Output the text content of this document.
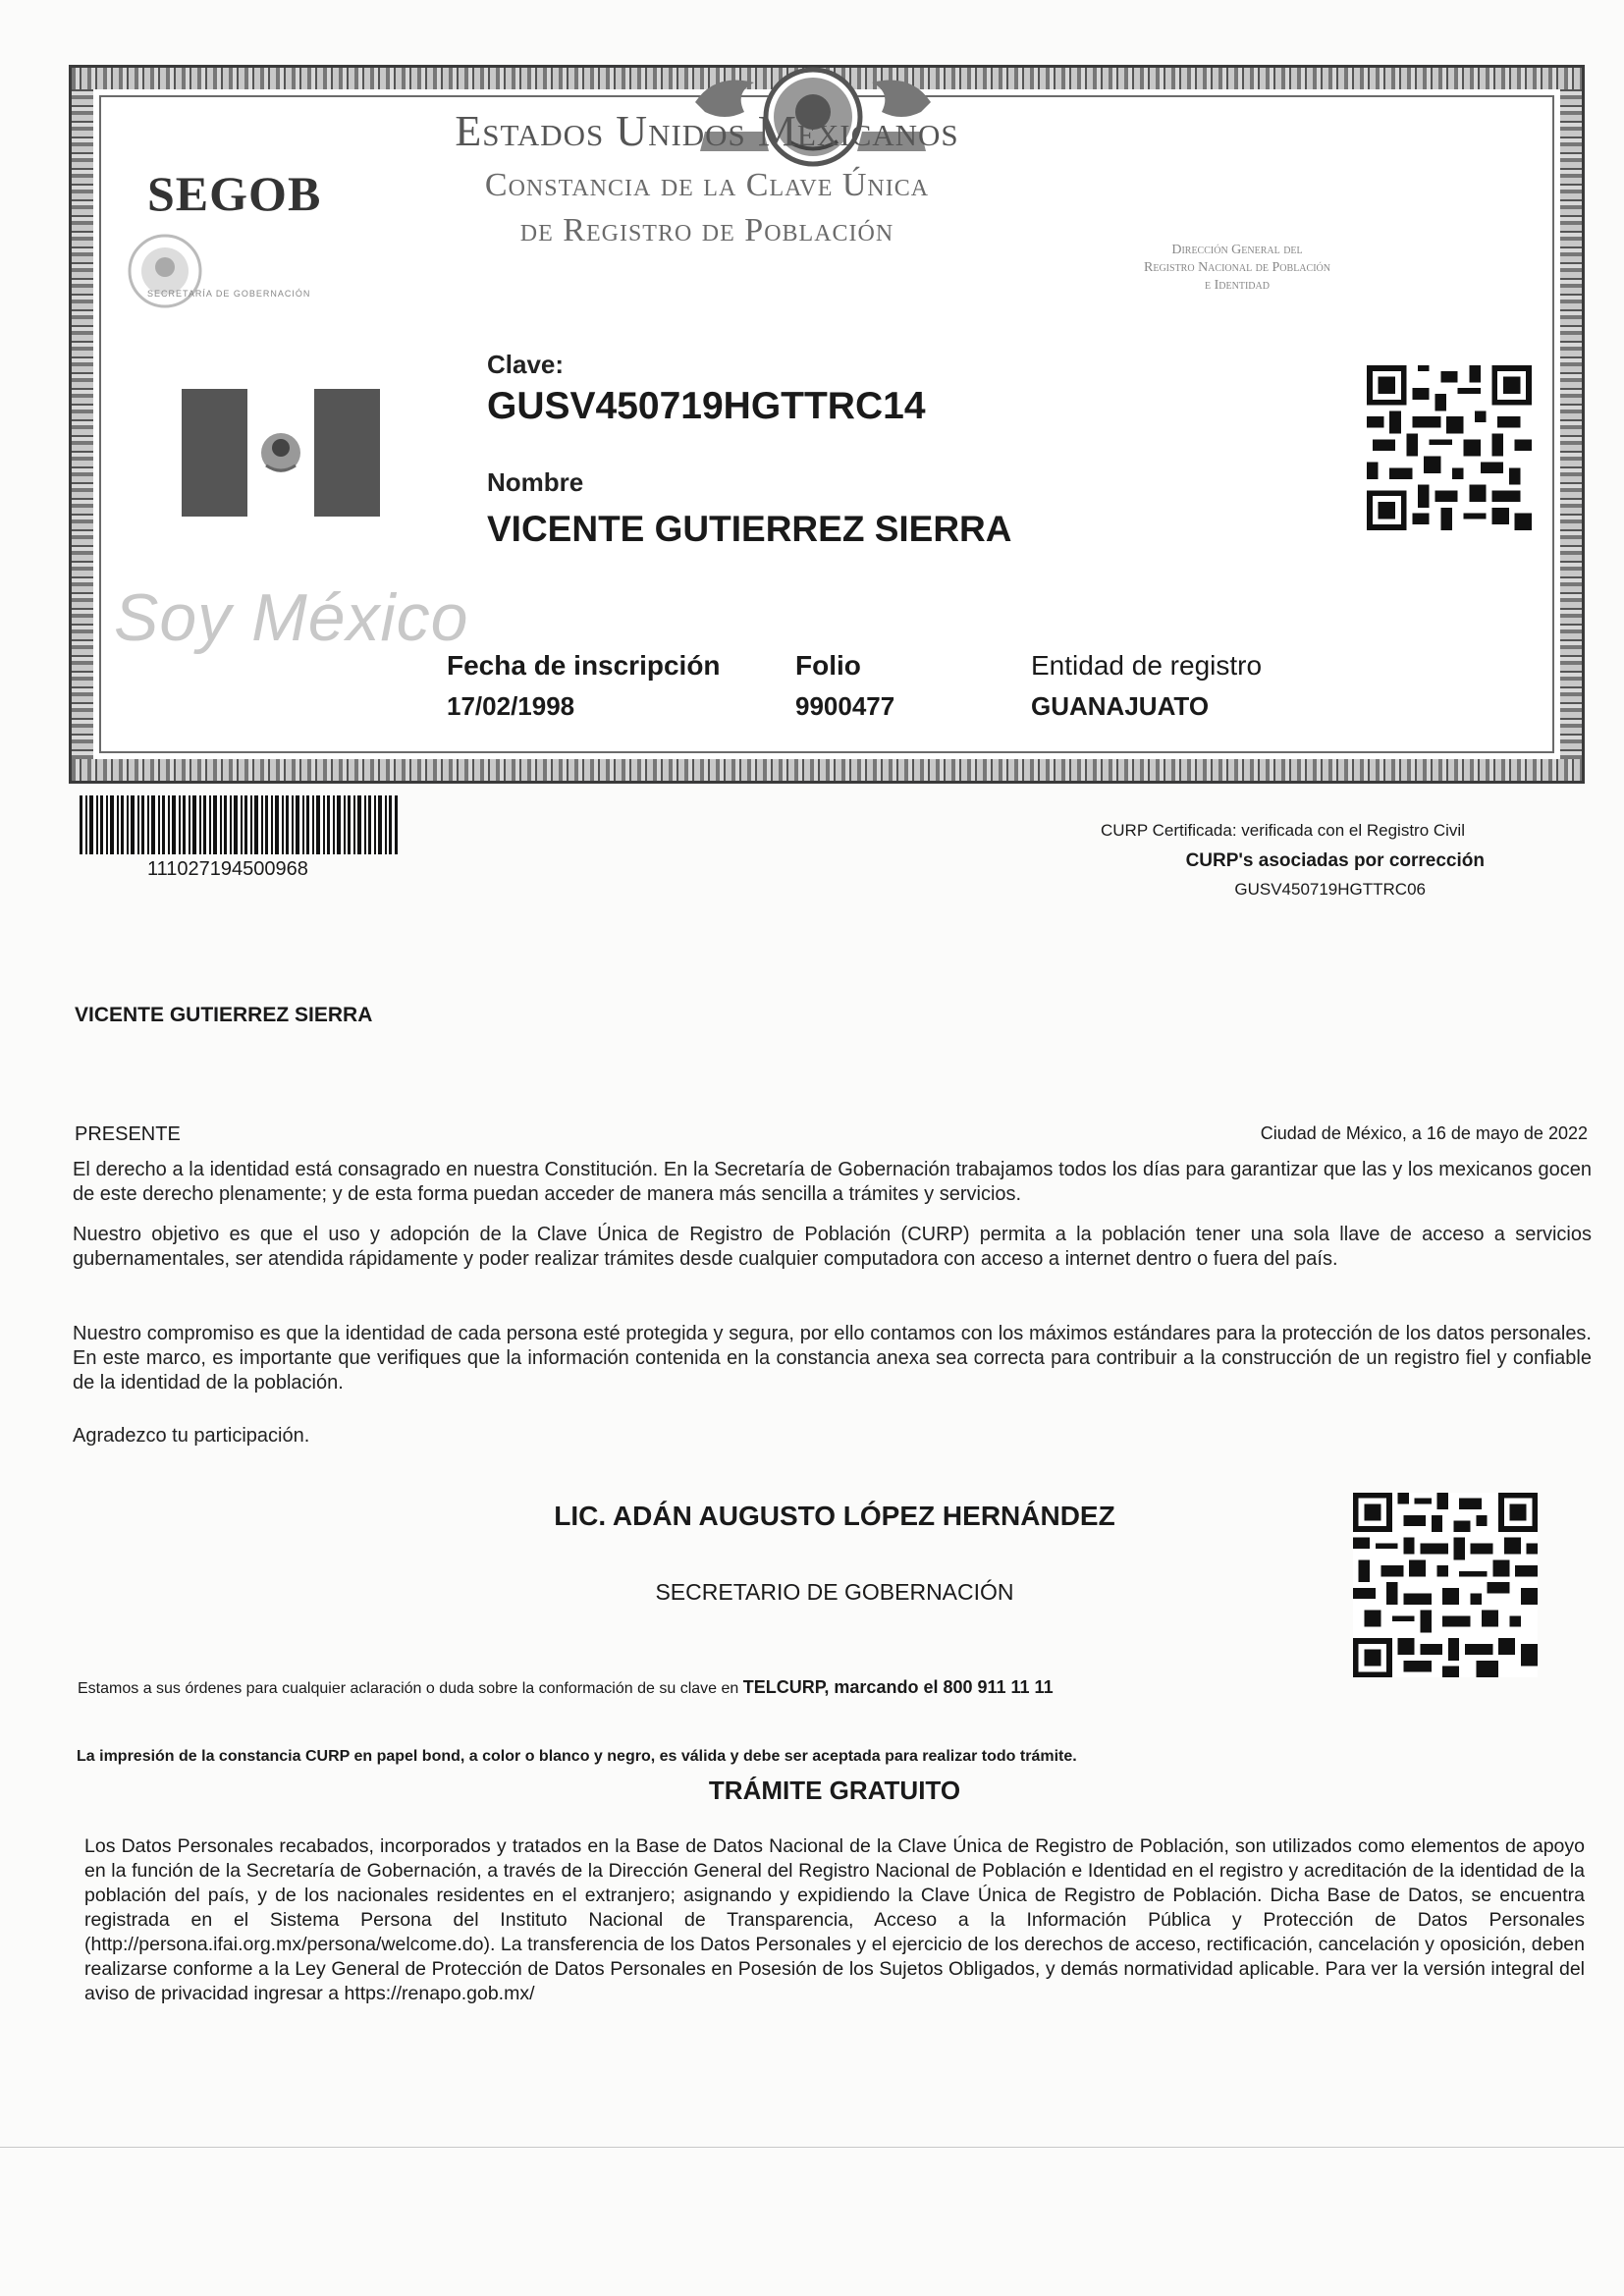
Estados Unidos Mexicanos
Constancia de la Clave Única
de Registro de Población
SEGOB
SECRETARÍA DE GOBERNACIÓN
Dirección General del
Registro Nacional de Población
e Identidad
Clave:
GUSV450719HGTTRC14
Nombre
VICENTE GUTIERREZ SIERRA
Soy México
Fecha de inscripción
17/02/1998
Folio
9900477
Entidad de registro
GUANAJUATO
111027194500968
CURP Certificada: verificada con el Registro Civil
CURP's asociadas por corrección
GUSV450719HGTTRC06
VICENTE GUTIERREZ SIERRA
PRESENTE	Ciudad de México, a 16 de mayo de 2022
El derecho a la identidad está consagrado en nuestra Constitución. En la Secretaría de Gobernación trabajamos todos los días para garantizar que las y los mexicanos gocen de este derecho plenamente; y de esta forma puedan acceder de manera más sencilla a trámites y servicios.
Nuestro objetivo es que el uso y adopción de la Clave Única de Registro de Población (CURP) permita a la población tener una sola llave de acceso a servicios gubernamentales, ser atendida rápidamente y poder realizar trámites desde cualquier computadora con acceso a internet dentro o fuera del país.
Nuestro compromiso es que la identidad de cada persona esté protegida y segura, por ello contamos con los máximos estándares para la protección de los datos personales. En este marco, es importante que verifiques que la información contenida en la constancia anexa sea correcta para contribuir a la construcción de un registro fiel y confiable de la identidad de la población.
Agradezco tu participación.
LIC. ADÁN AUGUSTO LÓPEZ HERNÁNDEZ
SECRETARIO DE GOBERNACIÓN
Estamos a sus órdenes para cualquier aclaración o duda sobre la conformación de su clave en TELCURP, marcando el 800 911 11 11
La impresión de la constancia CURP en papel bond, a color o blanco y negro, es válida y debe ser aceptada para realizar todo trámite.
TRÁMITE GRATUITO
Los Datos Personales recabados, incorporados y tratados en la Base de Datos Nacional de la Clave Única de Registro de Población, son utilizados como elementos de apoyo en la función de la Secretaría de Gobernación, a través de la Dirección General del Registro Nacional de Población e Identidad en el registro y acreditación de la identidad de la población del país, y de los nacionales residentes en el extranjero; asignando y expidiendo la Clave Única de Registro de Población. Dicha Base de Datos, se encuentra registrada en el Sistema Persona del Instituto Nacional de Transparencia, Acceso a la Información Pública y Protección de Datos Personales (http://persona.ifai.org.mx/persona/welcome.do). La transferencia de los Datos Personales y el ejercicio de los derechos de acceso, rectificación, cancelación y oposición, deben realizarse conforme a la Ley General de Protección de Datos Personales en Posesión de los Sujetos Obligados, y demás normatividad aplicable. Para ver la versión integral del aviso de privacidad ingresar a https://renapo.gob.mx/
